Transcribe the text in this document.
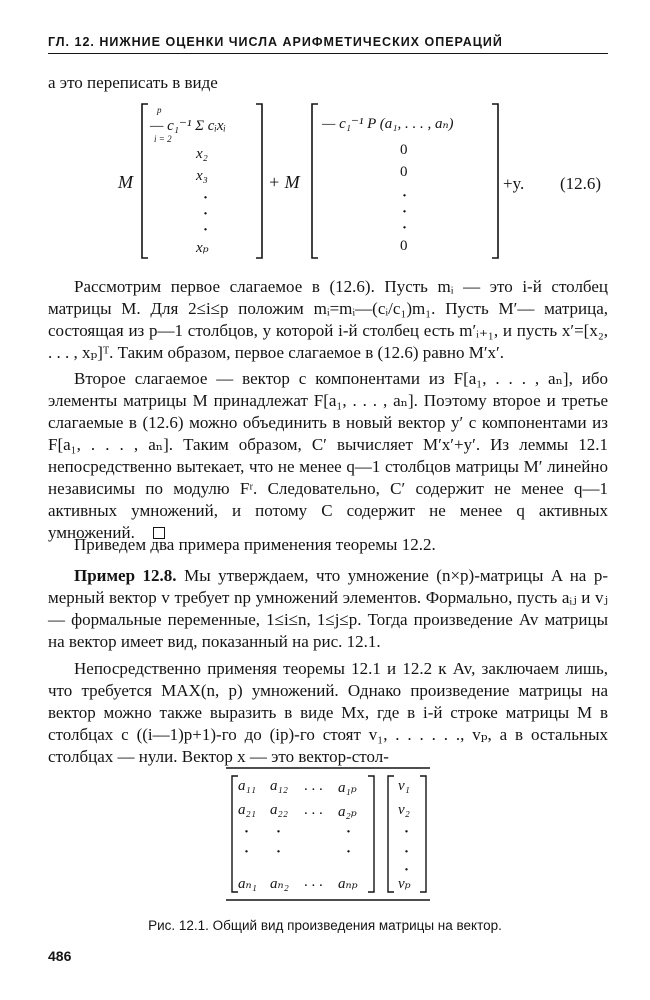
ГЛ. 12. НИЖНИЕ ОЦЕНКИ ЧИСЛА АРИФМЕТИЧЕСКИХ ОПЕРАЦИЙ

а это переписать в виде

M
p
— c₁⁻¹ Σ cᵢxᵢ
i = 2
x₂
x₃
·
·
·
xₚ
+ M
— c₁⁻¹ P (a₁, . . . , aₙ)
0
0
·
·
·
0
+y. (12.6)

Рассмотрим первое слагаемое в (12.6). Пусть mᵢ — это i-й столбец матрицы M. Для 2≤i≤p положим mᵢ=mᵢ—(cᵢ/c₁)m₁. Пусть M′— матрица, состоящая из p—1 столбцов, у которой i-й столбец есть m′ᵢ₊₁, и пусть x′=[x₂, . . . , xₚ]ᵀ. Таким образом, первое слагаемое в (12.6) равно M′x′.

Второе слагаемое — вектор с компонентами из F[a₁, . . . , aₙ], ибо элементы матрицы M принадлежат F[a₁, . . . , aₙ]. Поэтому второе и третье слагаемые в (12.6) можно объединить в новый вектор y′ с компонентами из F[a₁, . . . , aₙ]. Таким образом, C′ вычисляет M′x′+y′. Из леммы 12.1 непосредственно вытекает, что не менее q—1 столбцов матрицы M′ линейно независимы по модулю Fʳ. Следовательно, C′ содержит не менее q—1 активных умножений, и потому C содержит не менее q активных умножений.

Приведем два примера применения теоремы 12.2.

Пример 12.8. Мы утверждаем, что умножение (n×p)-матрицы A на p-мерный вектор v требует np умножений элементов. Формально, пусть aᵢⱼ и vⱼ — формальные переменные, 1≤i≤n, 1≤j≤p. Тогда произведение Av матрицы на вектор имеет вид, показанный на рис. 12.1.

Непосредственно применяя теоремы 12.1 и 12.2 к Av, заключаем лишь, что требуется MAX(n, p) умножений. Однако произведение матрицы на вектор можно также выразить в виде Mx, где в i-й строке матрицы M в столбцах с ((i—1)p+1)-го до (ip)-го стоят v₁, . . . . . ., vₚ, а в остальных столбцах — нули. Вектор x — это вектор-стол-

a₁₁ a₁₂ . . . a₁ₚ
a₂₁ a₂₂ . . . a₂ₚ
· ·	·
· ·	·
·
·
·
aₙ₁ aₙ₂ . . . aₙₚ
v₁
v₂
vₚ
Рис. 12.1. Общий вид произведения матрицы на вектор.
486
